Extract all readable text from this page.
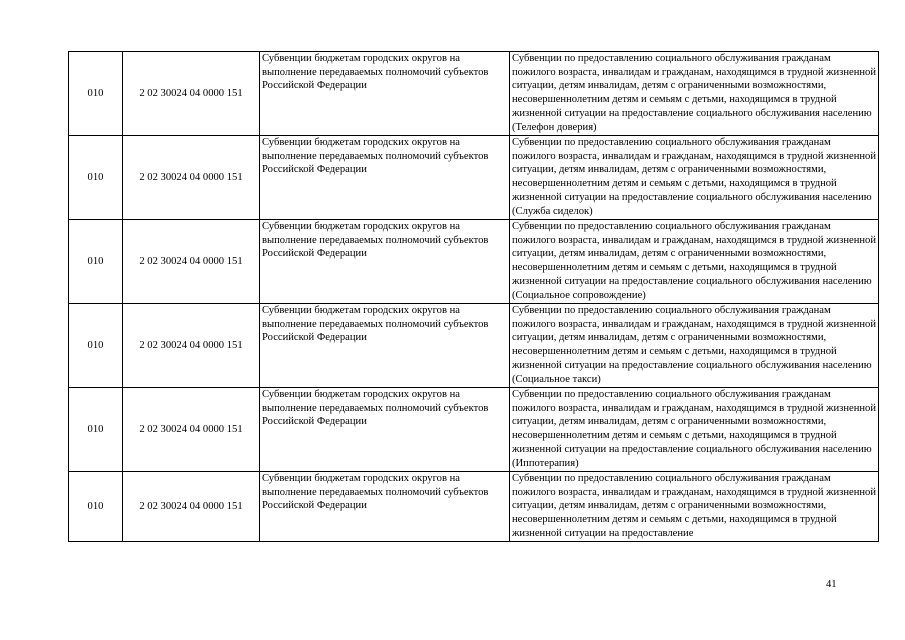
010	2 02 30024 04 0000 151	Субвенции бюджетам городских округов на выполнение передаваемых полномочий субъектов Российской Федерации	Субвенции по предоставлению социального обслуживания гражданам пожилого возраста, инвалидам и гражданам, находящимся в трудной жизненной ситуации, детям инвалидам, детям с ограниченными возможностями, несовершеннолетним детям и семьям с детьми, находящимся в трудной жизненной ситуации на предоставление социального обслуживания населению (Телефон доверия)
010	2 02 30024 04 0000 151	Субвенции бюджетам городских округов на выполнение передаваемых полномочий субъектов Российской Федерации	Субвенции по предоставлению социального обслуживания гражданам пожилого возраста, инвалидам и гражданам, находящимся в трудной жизненной ситуации, детям инвалидам, детям с ограниченными возможностями, несовершеннолетним детям и семьям с детьми, находящимся в трудной жизненной ситуации на предоставление социального обслуживания населению (Служба сиделок)
010	2 02 30024 04 0000 151	Субвенции бюджетам городских округов на выполнение передаваемых полномочий субъектов Российской Федерации	Субвенции по предоставлению социального обслуживания гражданам пожилого возраста, инвалидам и гражданам, находящимся в трудной жизненной ситуации, детям инвалидам, детям с ограниченными возможностями, несовершеннолетним детям и семьям с детьми, находящимся в трудной жизненной ситуации на предоставление социального обслуживания населению (Социальное сопровождение)
010	2 02 30024 04 0000 151	Субвенции бюджетам городских округов на выполнение передаваемых полномочий субъектов Российской Федерации	Субвенции по предоставлению социального обслуживания гражданам пожилого возраста, инвалидам и гражданам, находящимся в трудной жизненной ситуации, детям инвалидам, детям с ограниченными возможностями, несовершеннолетним детям и семьям с детьми, находящимся в трудной жизненной ситуации на предоставление социального обслуживания населению (Социальное такси)
010	2 02 30024 04 0000 151	Субвенции бюджетам городских округов на выполнение передаваемых полномочий субъектов Российской Федерации	Субвенции по предоставлению социального обслуживания гражданам пожилого возраста, инвалидам и гражданам, находящимся в трудной жизненной ситуации, детям инвалидам, детям с ограниченными возможностями, несовершеннолетним детям и семьям с детьми, находящимся в трудной жизненной ситуации на предоставление социального обслуживания населению (Иппотерапия)
010	2 02 30024 04 0000 151	Субвенции бюджетам городских округов на выполнение передаваемых полномочий субъектов Российской Федерации	Субвенции по предоставлению социального обслуживания гражданам пожилого возраста, инвалидам и гражданам, находящимся в трудной жизненной ситуации, детям инвалидам, детям с ограниченными возможностями, несовершеннолетним детям и семьям с детьми, находящимся в трудной жизненной ситуации на предоставление
41
